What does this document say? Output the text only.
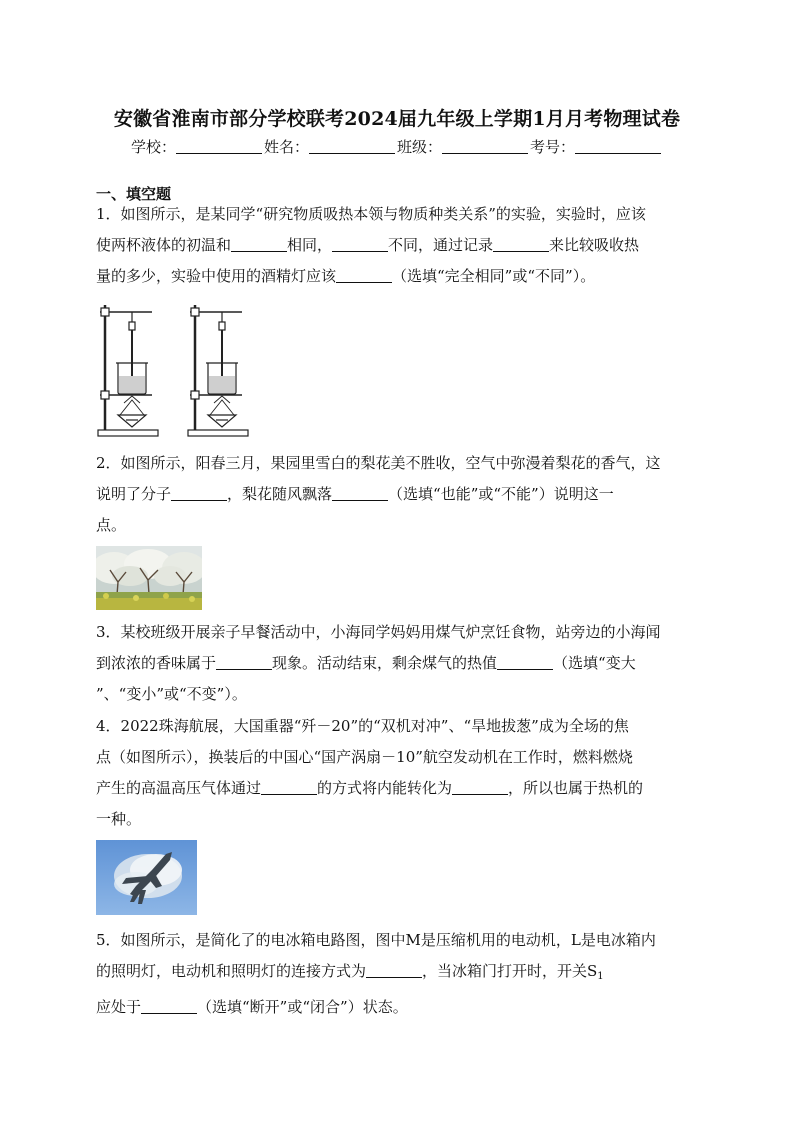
安徽省淮南市部分学校联考2024届九年级上学期1月月考物理试卷
学校：	姓名：	班级：	考号：
一、填空题
1．如图所示，是某同学“研究物质吸热本领与物质种类关系”的实验，实验时，应该
使两杯液体的初温和	相同，	不同，通过记录	来比较吸收热
量的多少，实验中使用的酒精灯应该	（选填“完全相同”或“不同”）。
2．如图所示，阳春三月，果园里雪白的梨花美不胜收，空气中弥漫着梨花的香气，这
说明了分子	，梨花随风飘落	（选填“也能”或“不能”）说明这一
点。
3．某校班级开展亲子早餐活动中，小海同学妈妈用煤气炉烹饪食物，站旁边的小海闻
到浓浓的香味属于	现象。活动结束，剩余煤气的热值	（选填“变大
”、“变小”或“不变”）。
4．2022珠海航展，大国重器“歼－20”的“双机对冲”、“旱地拔葱”成为全场的焦
点（如图所示），换装后的中国心“国产涡扇－10”航空发动机在工作时，燃料燃烧
产生的高温高压气体通过	的方式将内能转化为	，所以也属于热机的
一种。
5．如图所示，是简化了的电冰箱电路图，图中M是压缩机用的电动机，L是电冰箱内
的照明灯，电动机和照明灯的连接方式为	，当冰箱门打开时，开关$S_1$
应处于	（选填“断开”或“闭合”）状态。
